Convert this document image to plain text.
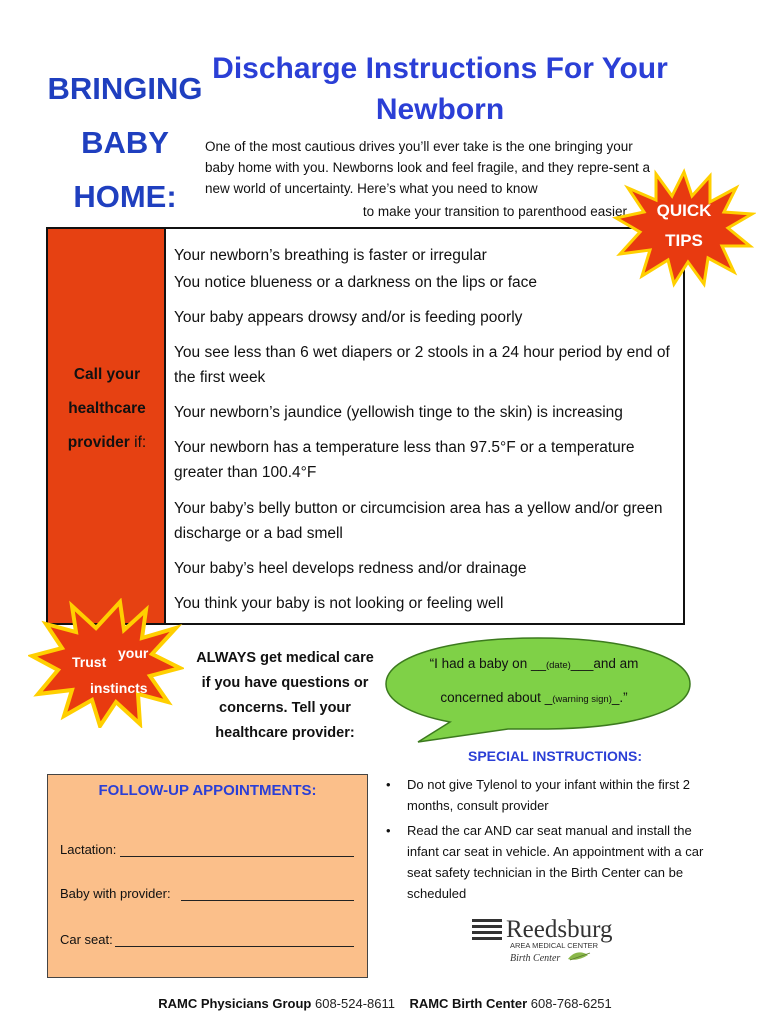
BRINGING
BABY
HOME:
Discharge Instructions For Your
Newborn
One of the most cautious drives you’ll ever take is the one bringing your
baby home with you. Newborns look and feel fragile, and they repre-sent a
new world of uncertainty. Here’s what you need to know
to make your transition to parenthood easier.
Call your
healthcare
provider if:
Your newborn’s breathing is faster or irregular
You notice blueness or a darkness on the lips or face
Your baby appears drowsy and/or is feeding poorly
You see less than 6 wet diapers or 2 stools in a 24 hour period by end of the first week
Your newborn’s jaundice (yellowish tinge to the skin) is increasing
Your newborn has a temperature less than 97.5°F or a temperature greater than 100.4°F
Your baby’s belly button or circumcision area has a yellow and/or green discharge or a bad smell
Your baby’s heel develops redness and/or drainage
You think your baby is not looking or feeling well
QUICK
TIPS
Trust
your
instincts
ALWAYS get medical care
if you have questions or
concerns. Tell your
healthcare provider:
“I had a baby on __(date)___and am
concerned about _(warning sign)_.”
SPECIAL INSTRUCTIONS:
• Do not give Tylenol to your infant within the first 2 months, consult provider
• Read the car AND car seat manual and install the infant car seat in vehicle. An appointment with a car seat safety technician in the Birth Center can be scheduled
FOLLOW-UP APPOINTMENTS:
Lactation:
Baby with provider:
Car seat:	Reedsburg
AREA MEDICAL CENTER
Birth Center
RAMC Physicians Group 608-524-8611 RAMC Birth Center 608-768-6251
